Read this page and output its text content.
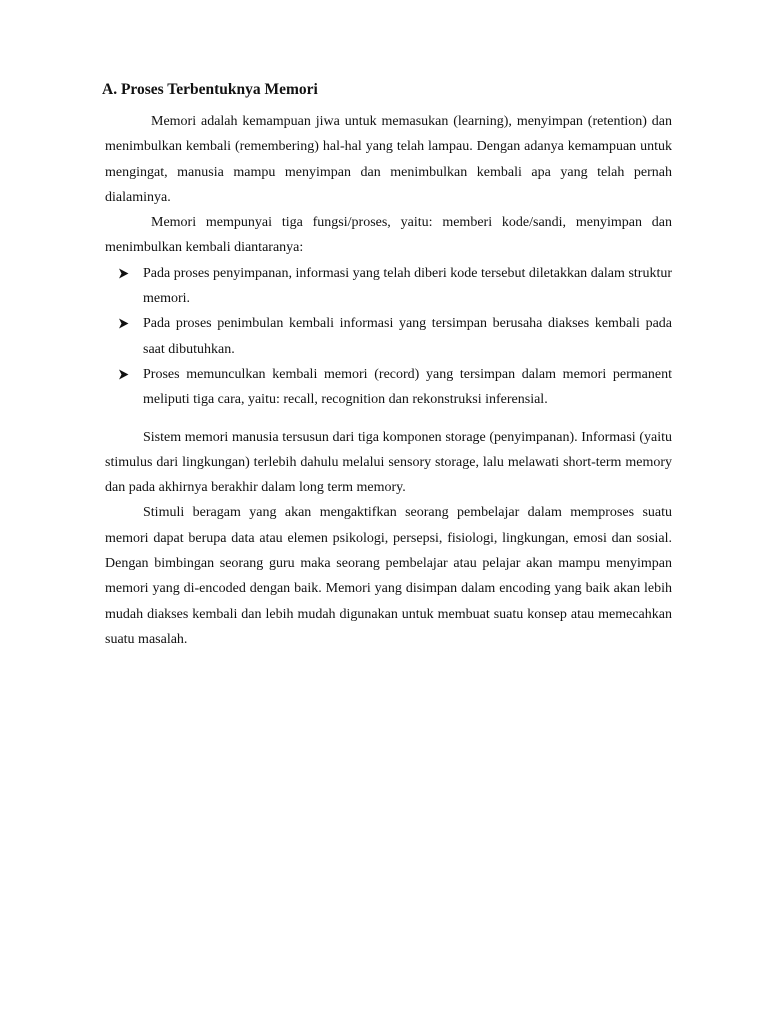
A. Proses Terbentuknya Memori

Memori adalah kemampuan jiwa untuk memasukan (learning), menyimpan (retention) dan menimbulkan kembali (remembering) hal-hal yang telah lampau. Dengan adanya kemampuan untuk mengingat, manusia mampu menyimpan dan menimbulkan kembali apa yang telah pernah dialaminya.

Memori mempunyai tiga fungsi/proses, yaitu: memberi kode/sandi, menyimpan dan menimbulkan kembali diantaranya:

Pada proses penyimpanan, informasi yang telah diberi kode tersebut diletakkan dalam struktur memori.
Pada proses penimbulan kembali informasi yang tersimpan berusaha diakses kembali pada saat dibutuhkan.
Proses memunculkan kembali memori (record) yang tersimpan dalam memori permanent meliputi tiga cara, yaitu: recall, recognition dan rekonstruksi inferensial.

Sistem memori manusia tersusun dari tiga komponen storage (penyimpanan). Informasi (yaitu stimulus dari lingkungan) terlebih dahulu melalui sensory storage, lalu melawati short-term memory dan pada akhirnya berakhir dalam long term memory.

Stimuli beragam yang akan mengaktifkan seorang pembelajar dalam memproses suatu memori dapat berupa data atau elemen psikologi, persepsi, fisiologi, lingkungan, emosi dan sosial. Dengan bimbingan seorang guru maka seorang pembelajar atau pelajar akan mampu menyimpan memori yang di-encoded dengan baik. Memori yang disimpan dalam encoding yang baik akan lebih mudah diakses kembali dan lebih mudah digunakan untuk membuat suatu konsep atau memecahkan suatu masalah.
